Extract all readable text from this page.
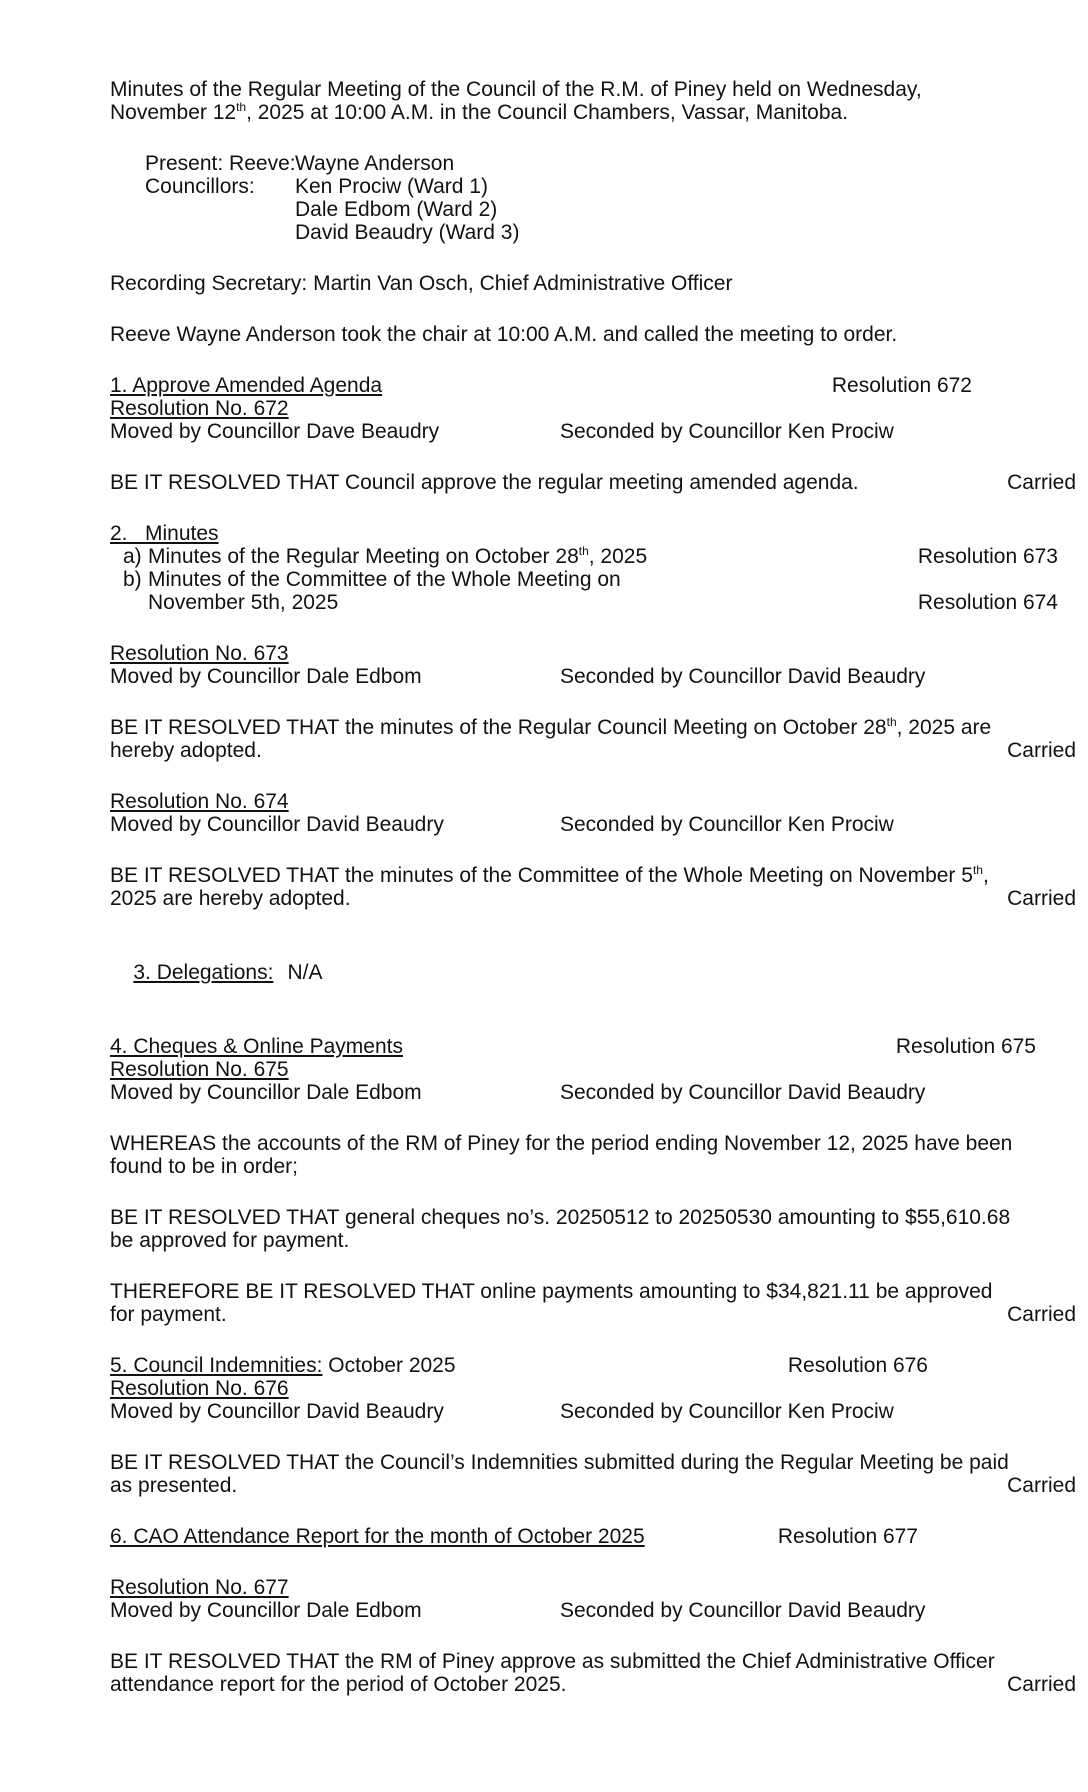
Minutes of the Regular Meeting of the Council of the R.M. of Piney held on Wednesday,
November 12th, 2025 at 10:00 A.M. in the Council Chambers, Vassar, Manitoba.
Present: Reeve: Wayne Anderson
Councillors:	Ken Prociw (Ward 1)
Dale Edbom (Ward 2)
David Beaudry (Ward 3)
Recording Secretary: Martin Van Osch, Chief Administrative Officer
Reeve Wayne Anderson took the chair at 10:00 A.M. and called the meeting to order.
1. Approve Amended Agenda	Resolution 672
Resolution No. 672
Moved by Councillor Dave Beaudry	Seconded by Councillor Ken Prociw
BE IT RESOLVED THAT Council approve the regular meeting amended agenda.	Carried
2.   Minutes
a) Minutes of the Regular Meeting on October 28th, 2025	Resolution 673
b) Minutes of the Committee of the Whole Meeting on
November 5th, 2025	Resolution 674
Resolution No. 673
Moved by Councillor Dale Edbom	Seconded by Councillor David Beaudry
BE IT RESOLVED THAT the minutes of the Regular Council Meeting on October 28th, 2025 are
hereby adopted.	Carried
Resolution No. 674
Moved by Councillor David Beaudry	Seconded by Councillor Ken Prociw
BE IT RESOLVED THAT the minutes of the Committee of the Whole Meeting on November 5th,
2025 are hereby adopted.	Carried

3. Delegations: N/A

4. Cheques & Online Payments	Resolution 675
Resolution No. 675
Moved by Councillor Dale Edbom	Seconded by Councillor David Beaudry
WHEREAS the accounts of the RM of Piney for the period ending November 12, 2025 have been
found to be in order;
BE IT RESOLVED THAT general cheques no’s. 20250512 to 20250530 amounting to $55,610.68
be approved for payment.
THEREFORE BE IT RESOLVED THAT online payments amounting to $34,821.11 be approved
for payment.	Carried
5. Council Indemnities: October 2025	Resolution 676
Resolution No. 676
Moved by Councillor David Beaudry	Seconded by Councillor Ken Prociw
BE IT RESOLVED THAT the Council’s Indemnities submitted during the Regular Meeting be paid
as presented.	Carried
6. CAO Attendance Report for the month of October 2025	Resolution 677
Resolution No. 677
Moved by Councillor Dale Edbom	Seconded by Councillor David Beaudry
BE IT RESOLVED THAT the RM of Piney approve as submitted the Chief Administrative Officer
attendance report for the period of October 2025.	Carried
